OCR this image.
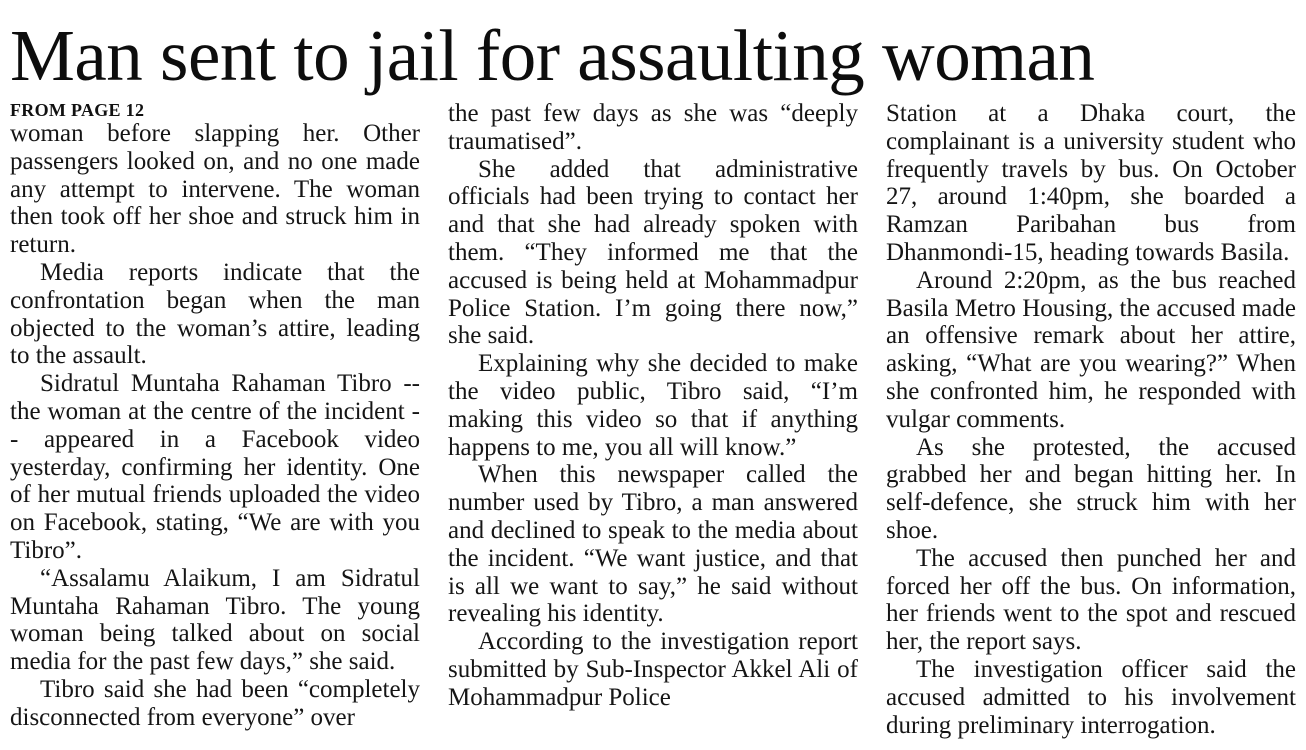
Man sent to jail for assaulting woman
FROM PAGE 12

woman before slapping her. Other passengers looked on, and no one made any attempt to intervene. The woman then took off her shoe and struck him in return.

Media reports indicate that the confrontation began when the man objected to the woman’s attire, leading to the assault.

Sidratul Muntaha Rahaman Tibro -- the woman at the centre of the incident -- appeared in a Facebook video yesterday, confirming her identity. One of her mutual friends uploaded the video on Facebook, stating, “We are with you Tibro”.

“Assalamu Alaikum, I am Sidratul Muntaha Rahaman Tibro. The young woman being talked about on social media for the past few days,” she said.

Tibro said she had been “completely disconnected from everyone” over

the past few days as she was “deeply traumatised”.

She added that administrative officials had been trying to contact her and that she had already spoken with them. “They informed me that the accused is being held at Mohammadpur Police Station. I’m going there now,” she said.

Explaining why she decided to make the video public, Tibro said, “I’m making this video so that if anything happens to me, you all will know.”

When this newspaper called the number used by Tibro, a man answered and declined to speak to the media about the incident. “We want justice, and that is all we want to say,” he said without revealing his identity.

According to the investigation report submitted by Sub-Inspector Akkel Ali of Mohammadpur Police

Station at a Dhaka court, the complainant is a university student who frequently travels by bus. On October 27, around 1:40pm, she boarded a Ramzan Paribahan bus from Dhanmondi-15, heading towards Basila.

Around 2:20pm, as the bus reached Basila Metro Housing, the accused made an offensive remark about her attire, asking, “What are you wearing?” When she confronted him, he responded with vulgar comments.

As she protested, the accused grabbed her and began hitting her. In self-defence, she struck him with her shoe.

The accused then punched her and forced her off the bus. On information, her friends went to the spot and rescued her, the report says.

The investigation officer said the accused admitted to his involvement during preliminary interrogation.
